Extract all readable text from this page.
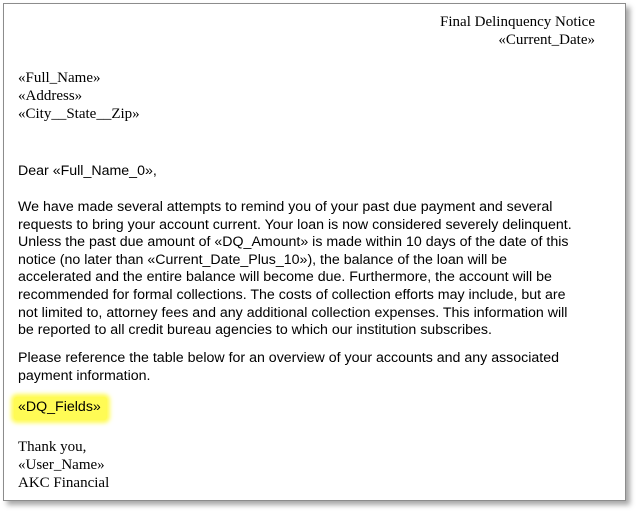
Final Delinquency Notice
«Current_Date»
«Full_Name»
«Address»
«City__State__Zip»
Dear «Full_Name_0»,
We have made several attempts to remind you of your past due payment and several
requests to bring your account current. Your loan is now considered severely delinquent.
Unless the past due amount of «DQ_Amount» is made within 10 days of the date of this
notice (no later than «Current_Date_Plus_10»), the balance of the loan will be
accelerated and the entire balance will become due. Furthermore, the account will be
recommended for formal collections. The costs of collection efforts may include, but are
not limited to, attorney fees and any additional collection expenses. This information will
be reported to all credit bureau agencies to which our institution subscribes.
Please reference the table below for an overview of your accounts and any associated
payment information.
«DQ_Fields»
Thank you,
«User_Name»
AKC Financial
